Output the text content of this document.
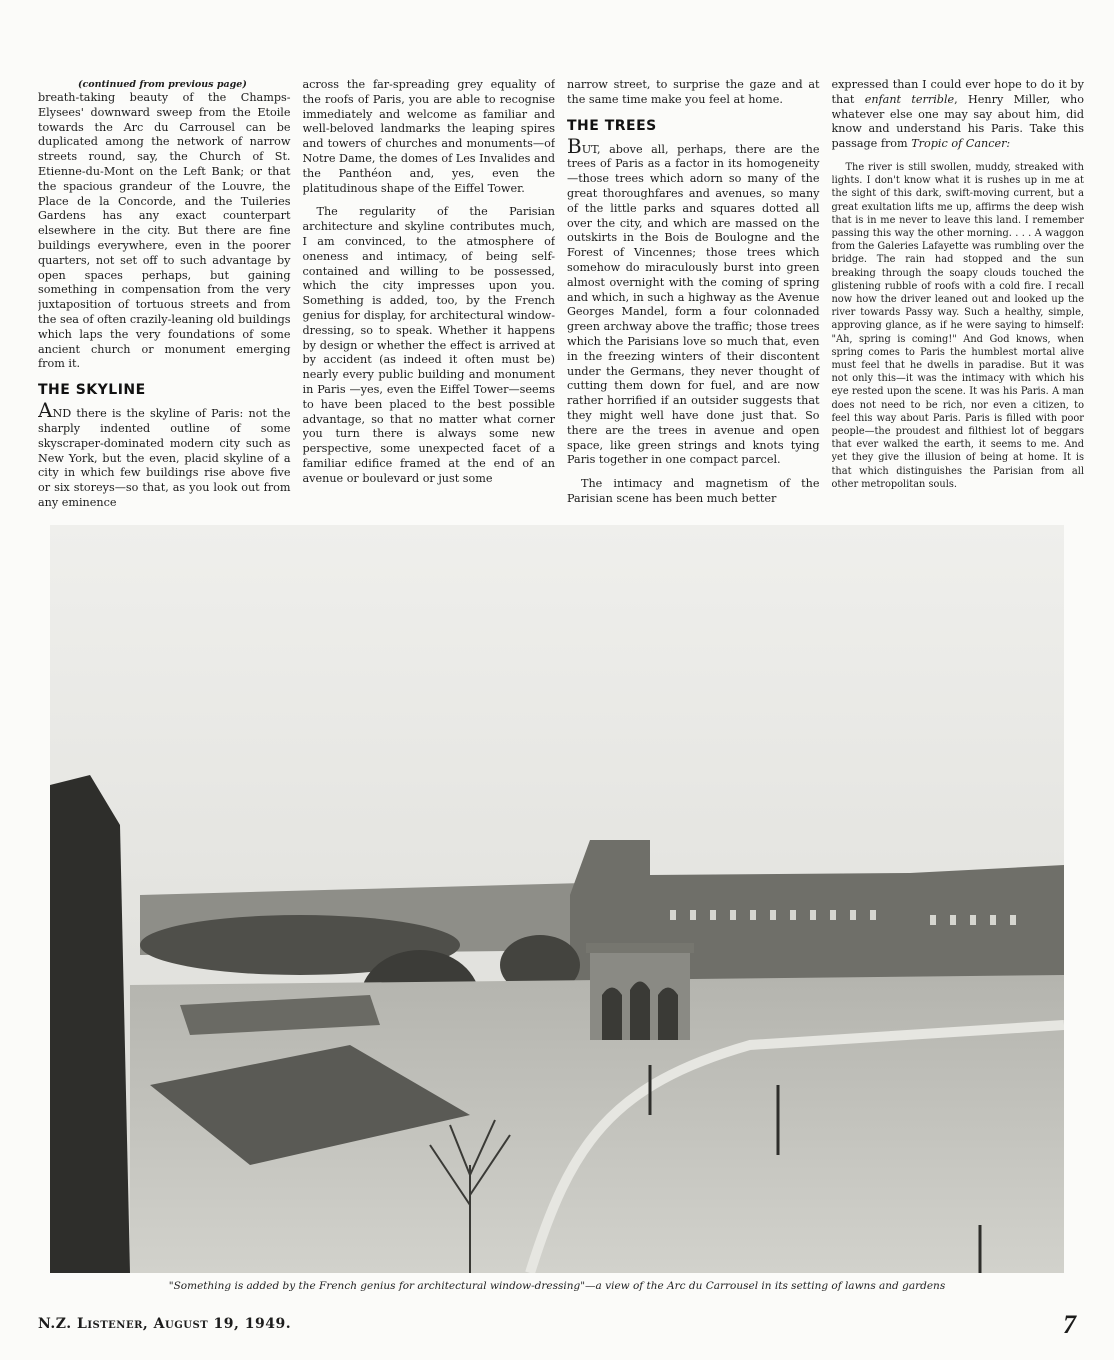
(continued from previous page)

breath-taking beauty of the Champs-Elysees' downward sweep from the Etoile towards the Arc du Carrousel can be duplicated among the network of narrow streets round, say, the Church of St. Etienne-du-Mont on the Left Bank; or that the spacious grandeur of the Louvre, the Place de la Concorde, and the Tuileries Gardens has any exact counterpart elsewhere in the city. But there are fine buildings everywhere, even in the poorer quarters, not set off to such advantage by open spaces perhaps, but gaining something in compensation from the very juxtaposition of tortuous streets and from the sea of often crazily-leaning old buildings which laps the very foundations of some ancient church or monument emerging from it.

THE SKYLINE

AND there is the skyline of Paris: not the sharply indented outline of some skyscraper-dominated modern city such as New York, but the even, placid skyline of a city in which few buildings rise above five or six storeys—so that, as you look out from any eminence

across the far-spreading grey equality of the roofs of Paris, you are able to recognise immediately and welcome as familiar and well-beloved landmarks the leaping spires and towers of churches and monuments—of Notre Dame, the domes of Les Invalides and the Panthéon and, yes, even the platitudinous shape of the Eiffel Tower.

The regularity of the Parisian architecture and skyline contributes much, I am convinced, to the atmosphere of oneness and intimacy, of being self-contained and willing to be possessed, which the city impresses upon you. Something is added, too, by the French genius for display, for architectural window-dressing, so to speak. Whether it happens by design or whether the effect is arrived at by accident (as indeed it often must be) nearly every public building and monument in Paris —yes, even the Eiffel Tower—seems to have been placed to the best possible advantage, so that no matter what corner you turn there is always some new perspective, some unexpected facet of a familiar edifice framed at the end of an avenue or boulevard or just some

narrow street, to surprise the gaze and at the same time make you feel at home.

THE TREES

BUT, above all, perhaps, there are the trees of Paris as a factor in its homogeneity—those trees which adorn so many of the great thoroughfares and avenues, so many of the little parks and squares dotted all over the city, and which are massed on the outskirts in the Bois de Boulogne and the Forest of Vincennes; those trees which somehow do miraculously burst into green almost overnight with the coming of spring and which, in such a highway as the Avenue Georges Mandel, form a four colonnaded green archway above the traffic; those trees which the Parisians love so much that, even in the freezing winters of their discontent under the Germans, they never thought of cutting them down for fuel, and are now rather horrified if an outsider suggests that they might well have done just that. So there are the trees in avenue and open space, like green strings and knots tying Paris together in one compact parcel.

The intimacy and magnetism of the Parisian scene has been much better

expressed than I could ever hope to do it by that enfant terrible, Henry Miller, who whatever else one may say about him, did know and understand his Paris. Take this passage from Tropic of Cancer:

The river is still swollen, muddy, streaked with lights. I don't know what it is rushes up in me at the sight of this dark, swift-moving current, but a great exultation lifts me up, affirms the deep wish that is in me never to leave this land. I remember passing this way the other morning. . . . A waggon from the Galeries Lafayette was rumbling over the bridge. The rain had stopped and the sun breaking through the soapy clouds touched the glistening rubble of roofs with a cold fire. I recall now how the driver leaned out and looked up the river towards Passy way. Such a healthy, simple, approving glance, as if he were saying to himself: "Ah, spring is coming!" And God knows, when spring comes to Paris the humblest mortal alive must feel that he dwells in paradise. But it was not only this—it was the intimacy with which his eye rested upon the scene. It was his Paris. A man does not need to be rich, nor even a citizen, to feel this way about Paris. Paris is filled with poor people—the proudest and filthiest lot of beggars that ever walked the earth, it seems to me. And yet they give the illusion of being at home. It is that which distinguishes the Parisian from all other metropolitan souls.

"Something is added by the French genius for architectural window-dressing"—a view of the Arc du Carrousel in its setting of lawns and gardens
N.Z. Listener, August 19, 1949.	7
